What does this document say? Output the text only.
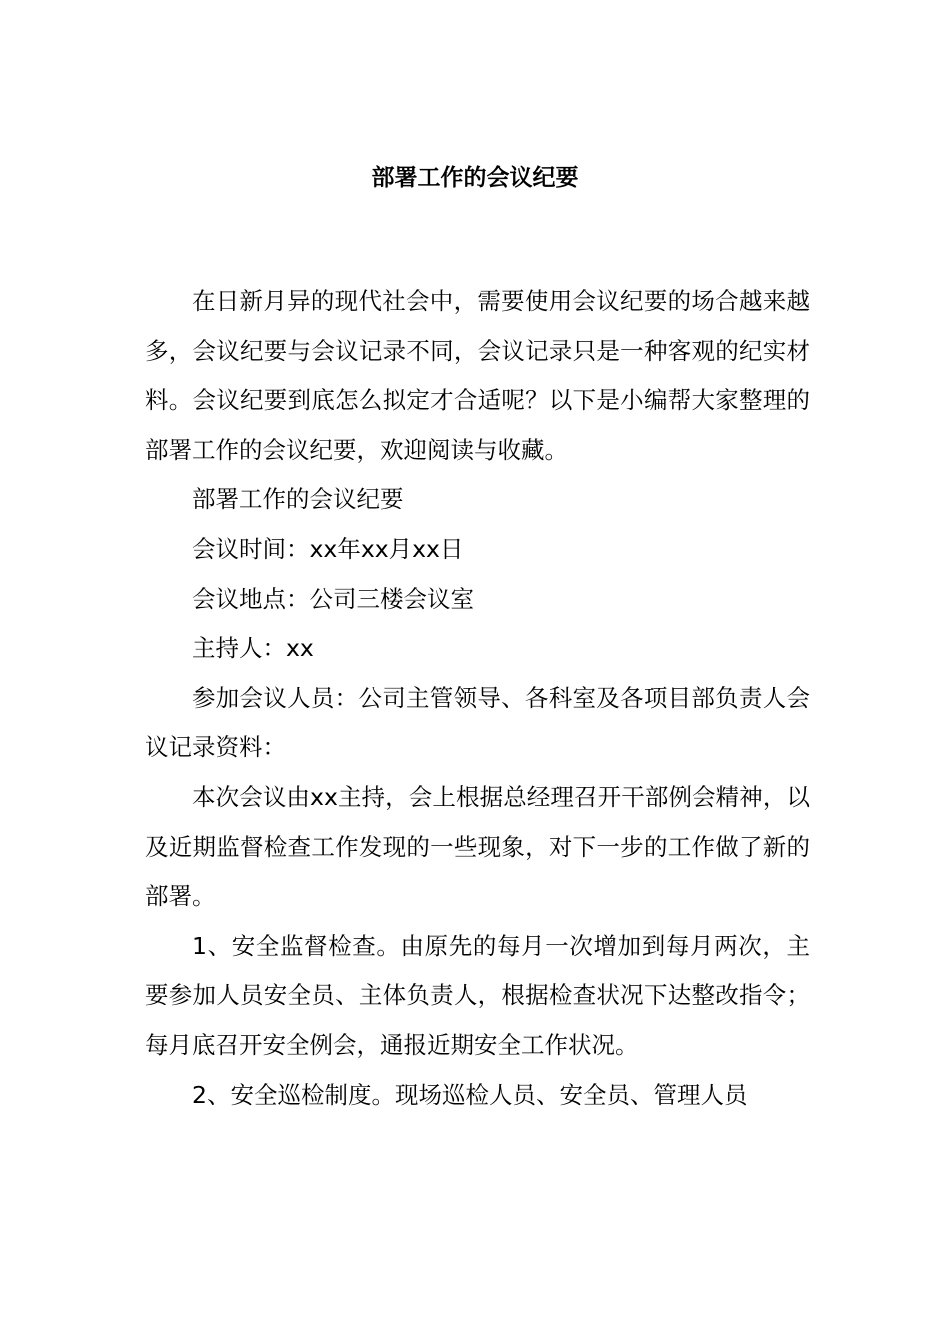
部署工作的会议纪要

在日新月异的现代社会中，需要使用会议纪要的场合越来越多，会议纪要与会议记录不同，会议记录只是一种客观的纪实材料。会议纪要到底怎么拟定才合适呢？以下是小编帮大家整理的部署工作的会议纪要，欢迎阅读与收藏。

部署工作的会议纪要

会议时间：xx年xx月xx日

会议地点：公司三楼会议室

主持人：xx

参加会议人员：公司主管领导、各科室及各项目部负责人会议记录资料：

本次会议由xx主持，会上根据总经理召开干部例会精神，以及近期监督检查工作发现的一些现象，对下一步的工作做了新的部署。

1、安全监督检查。由原先的每月一次增加到每月两次，主要参加人员安全员、主体负责人，根据检查状况下达整改指令；每月底召开安全例会，通报近期安全工作状况。

2、安全巡检制度。现场巡检人员、安全员、管理人员
